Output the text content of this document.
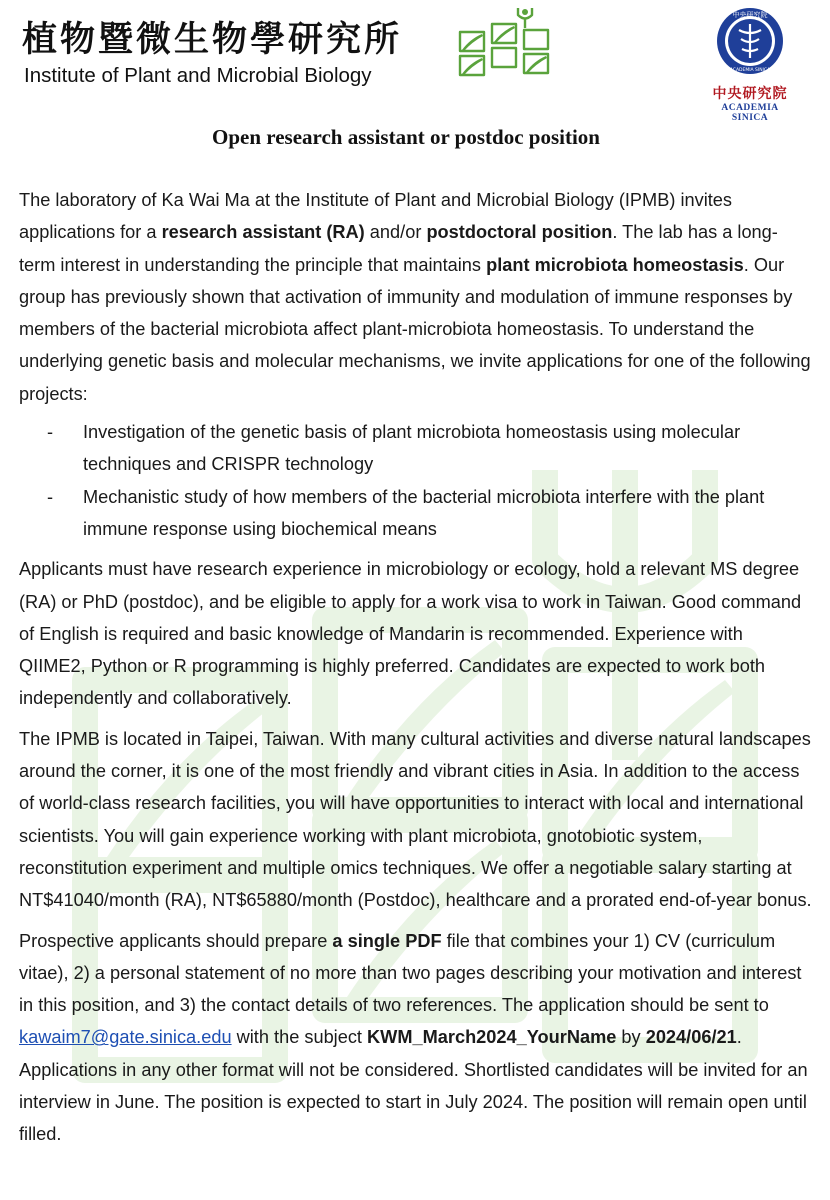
植物暨微生物學研究所
Institute of Plant and Microbial Biology
中央研究院
ACADEMIA SINICA
中央研究院
ACADEMIA SINICA
Open research assistant or postdoc position

The laboratory of Ka Wai Ma at the Institute of Plant and Microbial Biology (IPMB) invites applications for a research assistant (RA) and/or postdoctoral position. The lab has a long-term interest in understanding the principle that maintains plant microbiota homeostasis. Our group has previously shown that activation of immunity and modulation of immune responses by members of the bacterial microbiota affect plant-microbiota homeostasis. To understand the underlying genetic basis and molecular mechanisms, we invite applications for one of the following projects:

- Investigation of the genetic basis of plant microbiota homeostasis using molecular techniques and CRISPR technology
- Mechanistic study of how members of the bacterial microbiota interfere with the plant immune response using biochemical means

Applicants must have research experience in microbiology or ecology, hold a relevant MS degree (RA) or PhD (postdoc), and be eligible to apply for a work visa to work in Taiwan. Good command of English is required and basic knowledge of Mandarin is recommended. Experience with QIIME2, Python or R programming is highly preferred. Candidates are expected to work both independently and collaboratively.

The IPMB is located in Taipei, Taiwan. With many cultural activities and diverse natural landscapes around the corner, it is one of the most friendly and vibrant cities in Asia. In addition to the access of world-class research facilities, you will have opportunities to interact with local and international scientists. You will gain experience working with plant microbiota, gnotobiotic system, reconstitution experiment and multiple omics techniques. We offer a negotiable salary starting at NT$41040/month (RA), NT$65880/month (Postdoc), healthcare and a prorated end-of-year bonus.

Prospective applicants should prepare a single PDF file that combines your 1) CV (curriculum vitae), 2) a personal statement of no more than two pages describing your motivation and interest in this position, and 3) the contact details of two references. The application should be sent to kawaim7@gate.sinica.edu with the subject KWM_March2024_YourName by 2024/06/21. Applications in any other format will not be considered. Shortlisted candidates will be invited for an interview in June. The position is expected to start in July 2024. The position will remain open until filled.
